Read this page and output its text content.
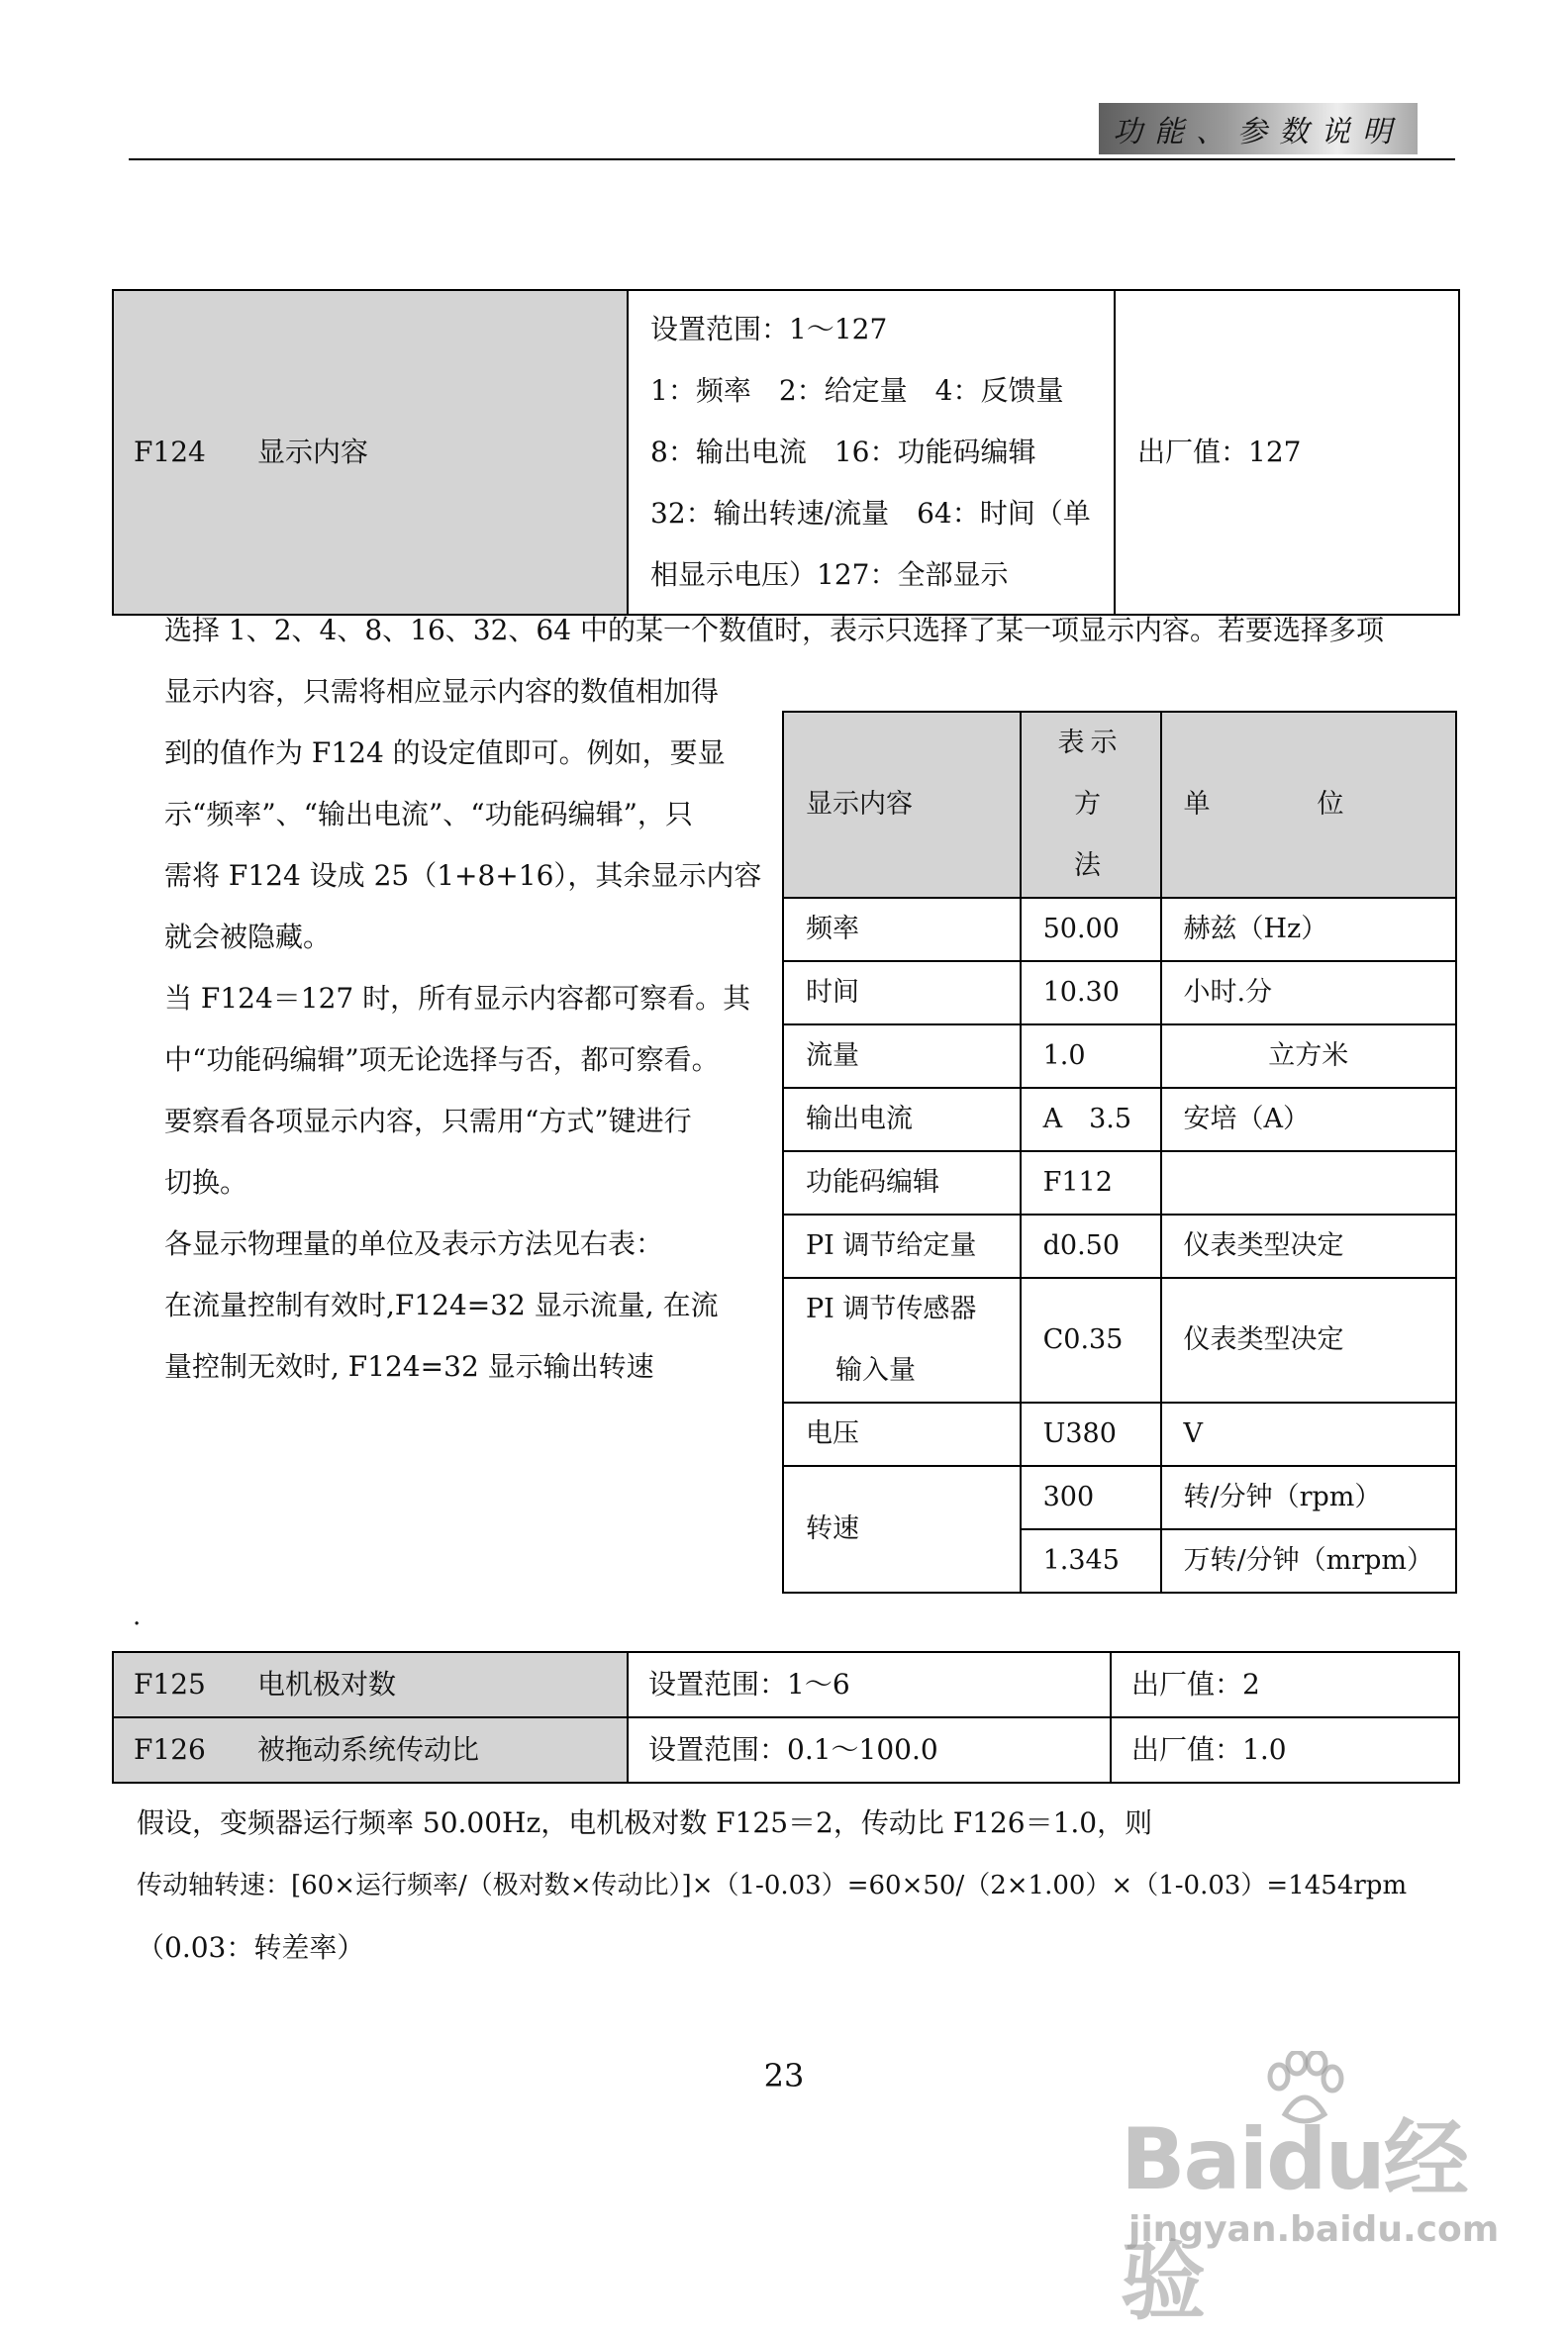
功能、参数说明
F124 显示内容	
设置范围：1～127
1：频率　2：给定量　4：反馈量
8：输出电流　16：功能码编辑
32：输出转速/流量　64：时间（单
相显示电压）127：全部显示
	出厂值：127
选择 1、2、4、8、16、32、64 中的某一个数值时，表示只选择了某一项显示内容。若要选择多项
显示内容，只需将相应显示内容的数值相加得
到的值作为 F124 的设定值即可。例如，要显
示“频率”、“输出电流”、“功能码编辑”，只
需将 F124 设成 25（1+8+16），其余显示内容
就会被隐藏。
当 F124＝127 时，所有显示内容都可察看。其
中“功能码编辑”项无论选择与否，都可察看。
要察看各项显示内容，只需用“方式”键进行
切换。
各显示物理量的单位及表示方法见右表：
在流量控制有效时,F124=32 显示流量, 在流
量控制无效时, F124=32 显示输出转速
显示内容	表示方
法	单　　　　位
频率	50.00	赫兹（Hz）
时间	10.30	小时.分
流量	1.0	立方米
输出电流	A　3.5	安培（A）
功能码编辑	F112	
PI 调节给定量	d0.50	仪表类型决定

PI 调节传感器
输入量	C0.35	仪表类型决定
电压	U380	V
转速	300	转/分钟（rpm）
	1.345	万转/分钟（mrpm）
.
F125 电机极对数	设置范围：1～6	出厂值：2
F126 被拖动系统传动比	设置范围：0.1～100.0	出厂值：1.0
假设，变频器运行频率 50.00Hz，电机极对数 F125＝2，传动比 F126＝1.0，则
传动轴转速：[60×运行频率/（极对数×传动比）]×（1-0.03）=60×50/（2×1.00）×（1-0.03）=1454rpm
（0.03：转差率）
23
Baidu经验
jingyan.baidu.com
